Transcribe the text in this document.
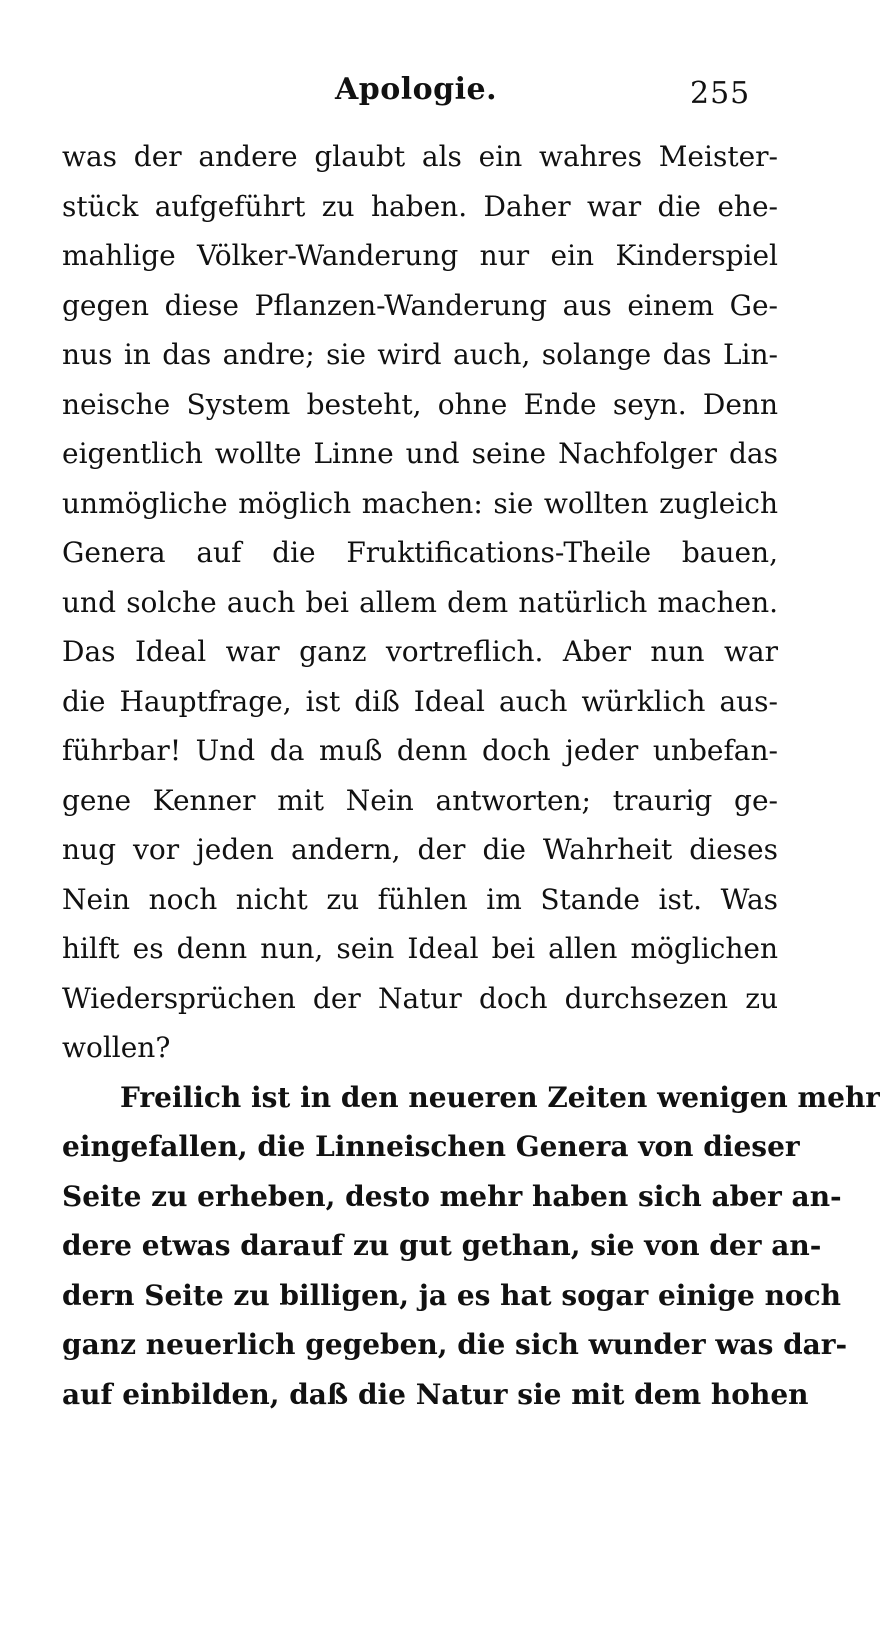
Apologie.	255
was der andere glaubt als ein wahres Meister-
stück aufgeführt zu haben. Daher war die ehe-
mahlige Völker-Wanderung nur ein Kinderspiel
gegen diese Pflanzen-Wanderung aus einem Ge-
nus in das andre; sie wird auch, solange das Lin-
neische System besteht, ohne Ende seyn. Denn
eigentlich wollte Linne und seine Nachfolger das
unmögliche möglich machen: sie wollten zugleich
Genera auf die Fruktifications-Theile bauen,
und solche auch bei allem dem natürlich machen.
Das Ideal war ganz vortreflich. Aber nun war
die Hauptfrage, ist diß Ideal auch würklich aus-
führbar! Und da muß denn doch jeder unbefan-
gene Kenner mit Nein antworten; traurig ge-
nug vor jeden andern, der die Wahrheit dieses
Nein noch nicht zu fühlen im Stande ist. Was
hilft es denn nun, sein Ideal bei allen möglichen
Wiedersprüchen der Natur doch durchsezen zu
wollen?
Freilich ist in den neueren Zeiten wenigen mehr
eingefallen, die Linneischen Genera von dieser
Seite zu erheben, desto mehr haben sich aber an-
dere etwas darauf zu gut gethan, sie von der an-
dern Seite zu billigen, ja es hat sogar einige noch
ganz neuerlich gegeben, die sich wunder was dar-
auf einbilden, daß die Natur sie mit dem hohen
